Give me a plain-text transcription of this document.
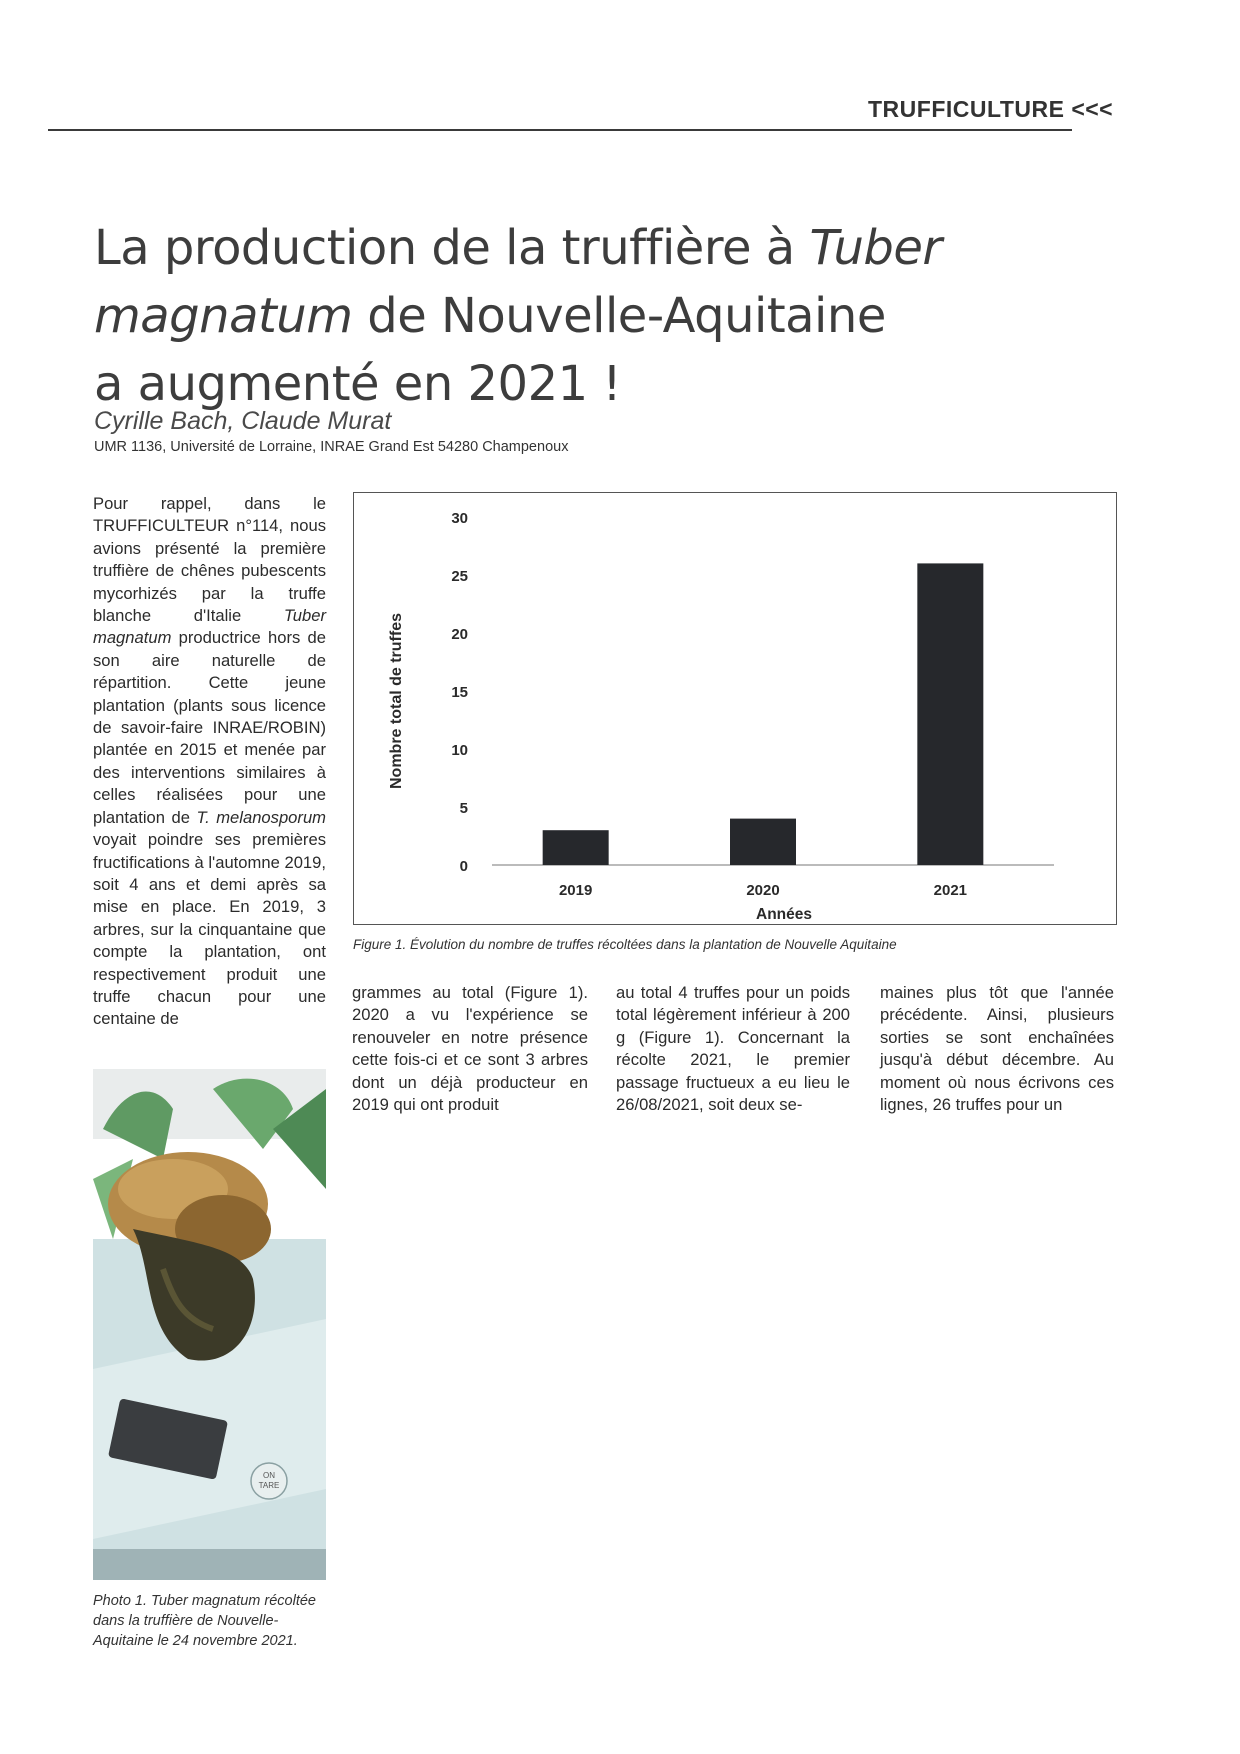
TRUFFICULTURE <<<
La production de la truffière à Tuber
magnatum de Nouvelle-Aquitaine
a augmenté en 2021 !
Cyrille Bach, Claude Murat
UMR 1136, Université de Lorraine, INRAE Grand Est 54280 Champenoux
Pour rappel, dans le TRUFFICULTEUR n°114, nous avions présenté la première truffière de chênes pubescents mycorhizés par la truffe blanche d'Italie Tuber magnatum productrice hors de son aire naturelle de répartition. Cette jeune plantation (plants sous licence de savoir-faire INRAE/ROBIN) plantée en 2015 et menée par des interventions similaires à celles réalisées pour une plantation de T. melanosporum voyait poindre ses premières fructifications à l'automne 2019, soit 4 ans et demi après sa mise en place. En 2019, 3 arbres, sur la cinquantaine que compte la plantation, ont respectivement produit une truffe chacun pour une centaine de
0
5
10
15
20
25
30
Nombre total de truffes
2019	2020	2021
Années
Figure 1. Évolution du nombre de truffes récoltées dans la plantation de Nouvelle Aquitaine
grammes au total (Figure 1). 2020 a vu l'expérience se renouveler en notre présence cette fois-ci et ce sont 3 arbres dont un déjà producteur en 2019 qui ont produit
au total 4 truffes pour un poids total légèrement inférieur à 200 g (Figure 1). Concernant la récolte 2021, le premier passage fructueux a eu lieu le 26/08/2021, soit deux se-
maines plus tôt que l'année précédente. Ainsi, plusieurs sorties se sont enchaînées jusqu'à début décembre. Au moment où nous écrivons ces lignes, 26 truffes pour un
ON
TARE
Photo 1. Tuber magnatum récoltée dans la truffière de Nouvelle-Aquitaine le 24 novembre 2021.
